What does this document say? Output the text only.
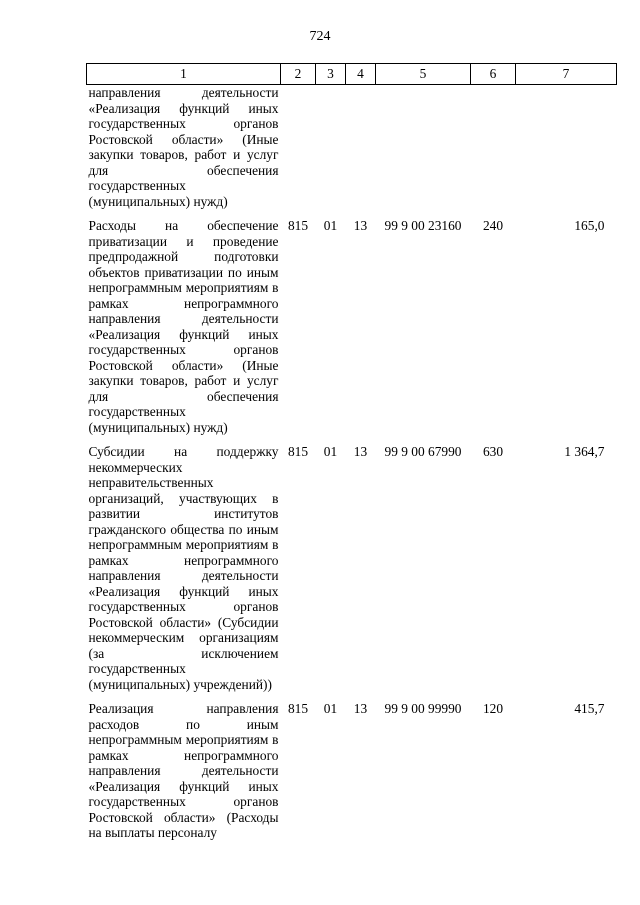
724
1	2	3	4	5	6	7
направления деятельности «Реализация функций иных государственных органов Ростовской области» (Иные закупки товаров, работ и услуг для обеспечения государственных (муниципальных) нужд)						
Расходы на обеспечение приватизации и проведение предпродажной подготовки объектов приватизации по иным непрограммным мероприятиям в рамках непрограммного направления деятельности «Реализация функций иных государственных органов Ростовской области» (Иные закупки товаров, работ и услуг для обеспечения государственных (муниципальных) нужд)	815	01	13	99 9 00 23160	240	165,0
Субсидии на поддержку некоммерческих неправительственных организаций, участвующих в развитии институтов гражданского общества по иным непрограммным мероприятиям в рамках непрограммного направления деятельности «Реализация функций иных государственных органов Ростовской области» (Субсидии некоммерческим организациям (за исключением государственных (муниципальных) учреждений))	815	01	13	99 9 00 67990	630	1 364,7
Реализация направления расходов по иным непрограммным мероприятиям в рамках непрограммного направления деятельности «Реализация функций иных государственных органов Ростовской области» (Расходы на выплаты персоналу	815	01	13	99 9 00 99990	120	415,7
